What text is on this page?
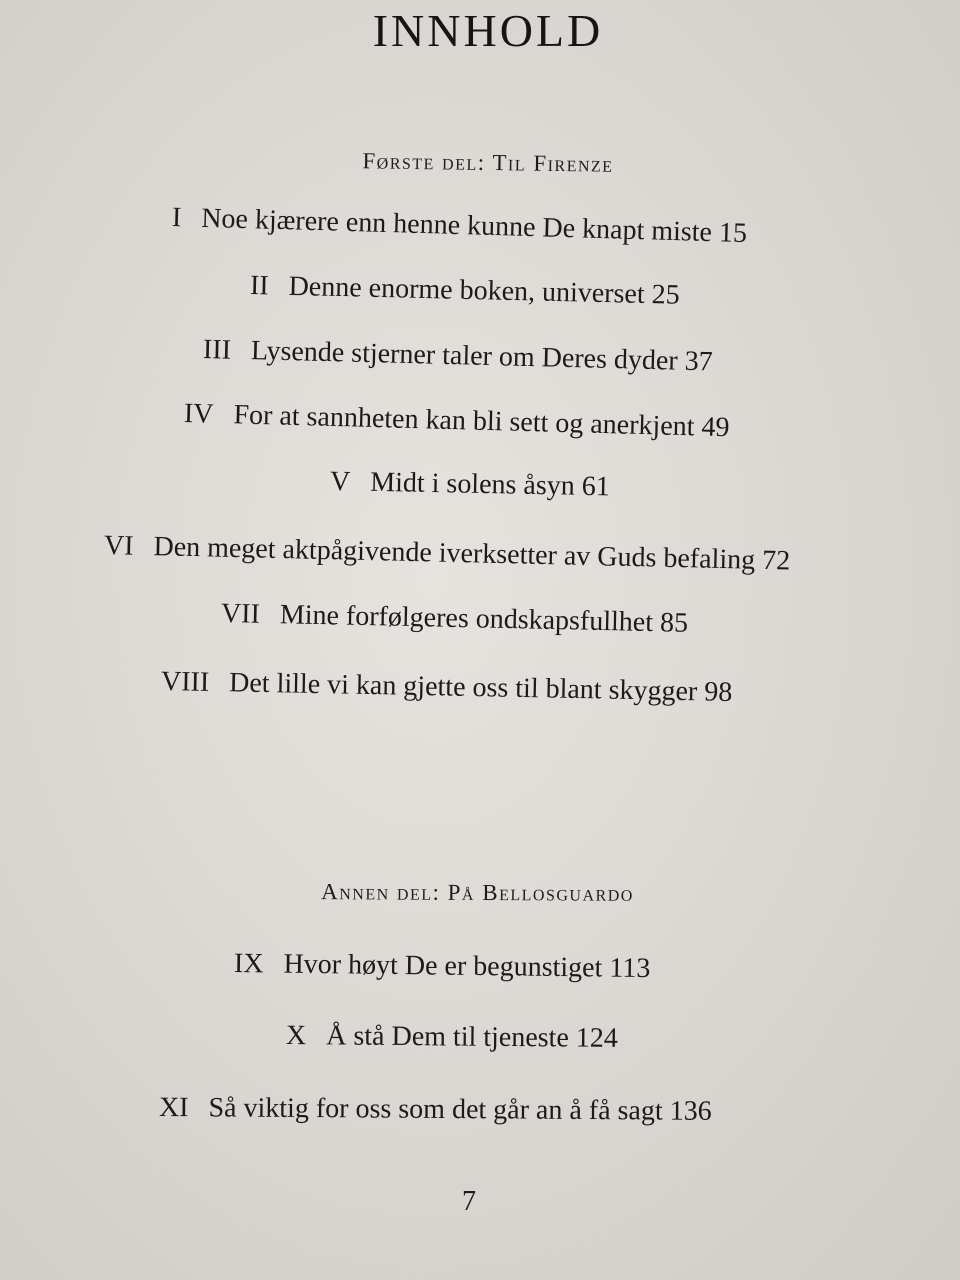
INNHOLD
Første del: Til Firenze
I Noe kjærere enn henne kunne De knapt miste 15
II Denne enorme boken, universet 25
III Lysende stjerner taler om Deres dyder 37
IV For at sannheten kan bli sett og anerkjent 49
V Midt i solens åsyn 61
VI Den meget aktpågivende iverksetter av Guds befaling 72
VII Mine forfølgeres ondskapsfullhet 85
VIII Det lille vi kan gjette oss til blant skygger 98
Annen del: På Bellosguardo
IX Hvor høyt De er begunstiget 113
X Å stå Dem til tjeneste 124
XI Så viktig for oss som det går an å få sagt 136
7
